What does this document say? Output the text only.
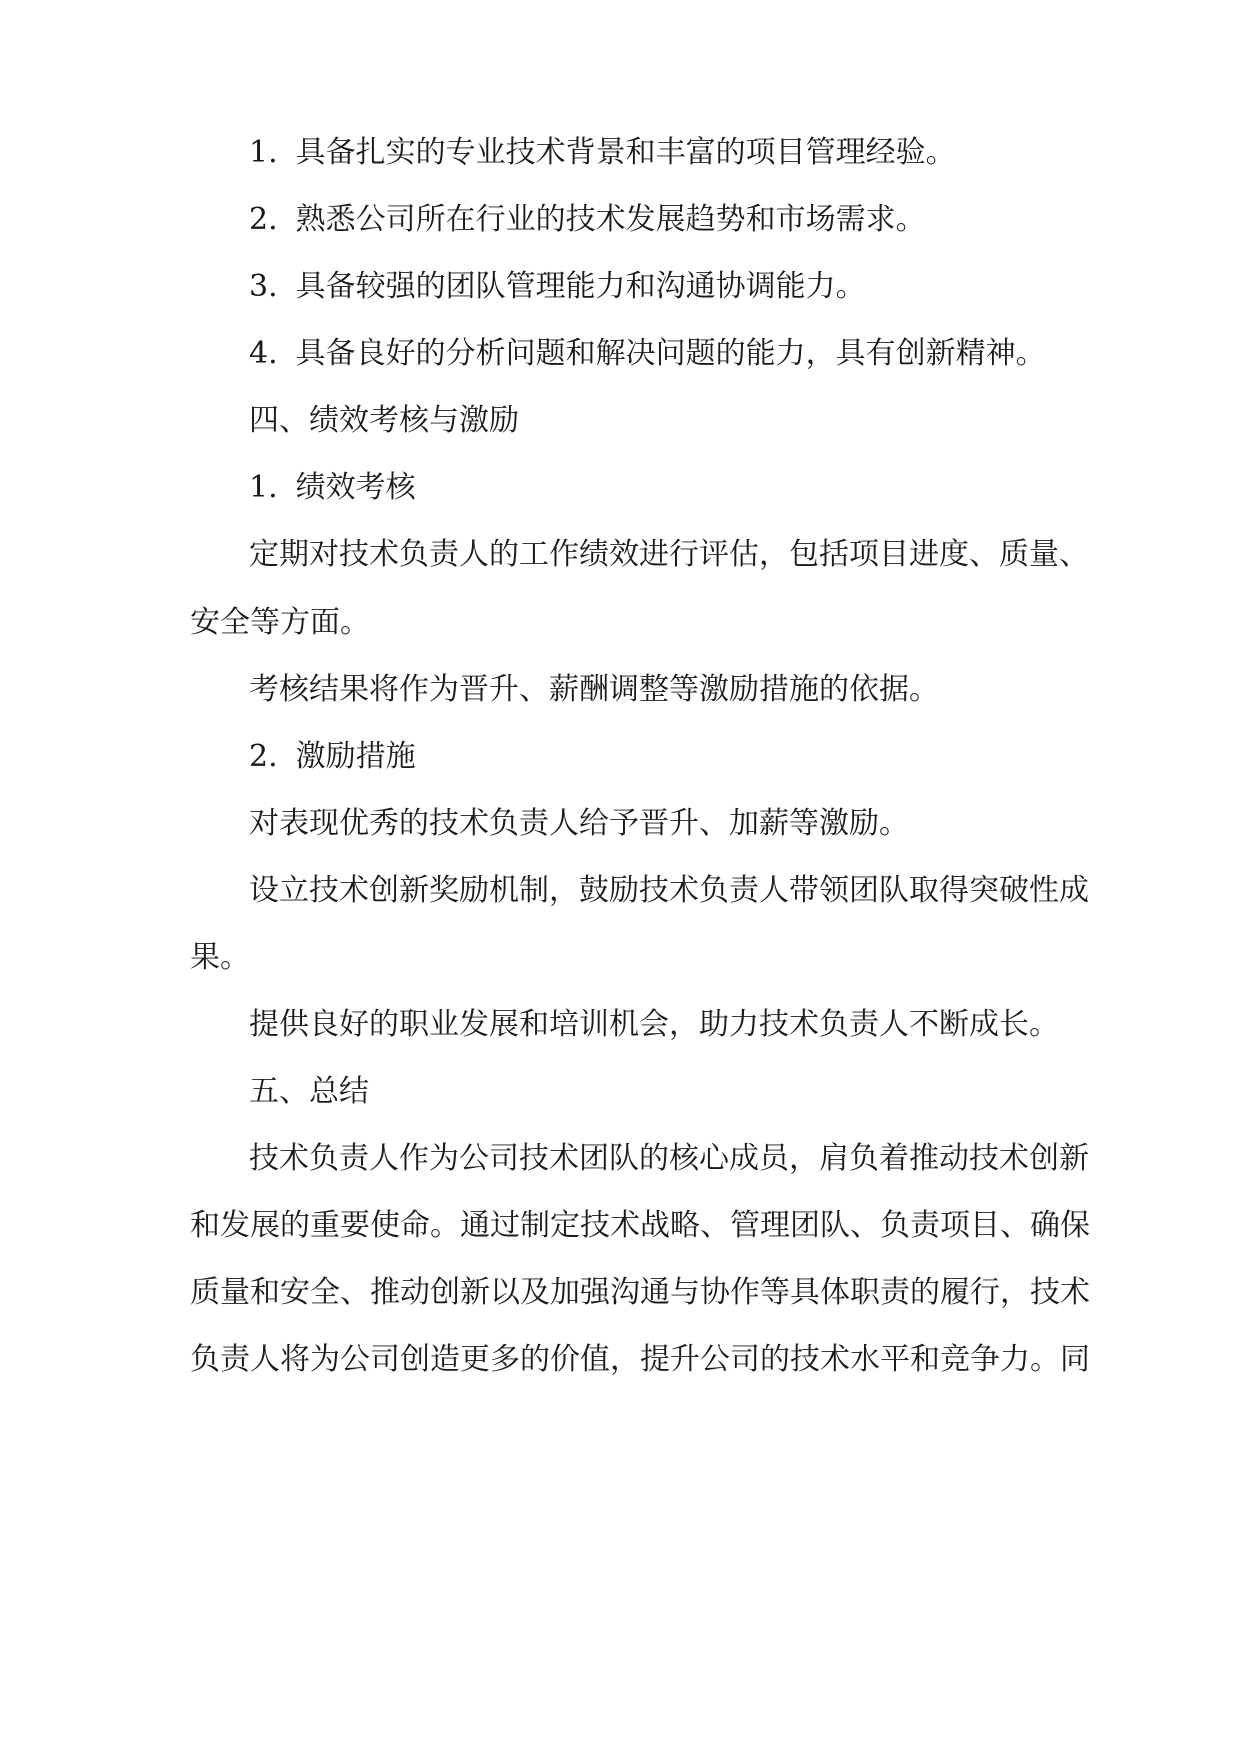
1. 具备扎实的专业技术背景和丰富的项目管理经验。

2. 熟悉公司所在行业的技术发展趋势和市场需求。

3. 具备较强的团队管理能力和沟通协调能力。

4. 具备良好的分析问题和解决问题的能力，具有创新精神。

四、绩效考核与激励

1. 绩效考核

定期对技术负责人的工作绩效进行评估，包括项目进度、质量、

安全等方面。

考核结果将作为晋升、薪酬调整等激励措施的依据。

2. 激励措施

对表现优秀的技术负责人给予晋升、加薪等激励。

设立技术创新奖励机制，鼓励技术负责人带领团队取得突破性成

果。

提供良好的职业发展和培训机会，助力技术负责人不断成长。

五、总结

技术负责人作为公司技术团队的核心成员，肩负着推动技术创新

和发展的重要使命。通过制定技术战略、管理团队、负责项目、确保

质量和安全、推动创新以及加强沟通与协作等具体职责的履行，技术

负责人将为公司创造更多的价值，提升公司的技术水平和竞争力。同
